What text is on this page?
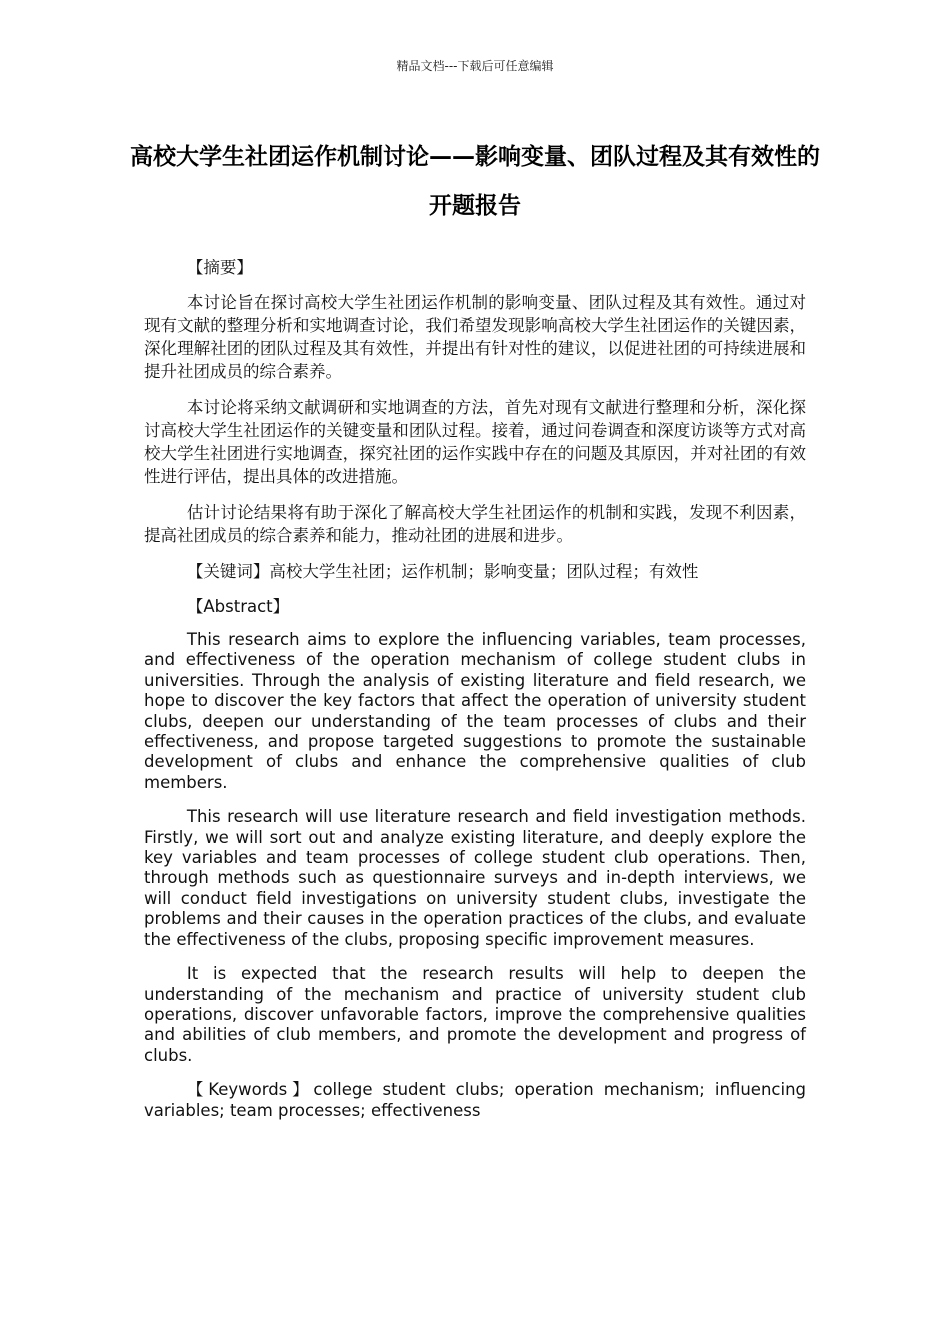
精品文档---下载后可任意编辑
高校大学生社团运作机制讨论——影响变量、团队过程及其有效性的开题报告

【摘要】

本讨论旨在探讨高校大学生社团运作机制的影响变量、团队过程及其有效性。通过对现有文献的整理分析和实地调查讨论，我们希望发现影响高校大学生社团运作的关键因素，深化理解社团的团队过程及其有效性，并提出有针对性的建议，以促进社团的可持续进展和提升社团成员的综合素养。

本讨论将采纳文献调研和实地调查的方法，首先对现有文献进行整理和分析，深化探讨高校大学生社团运作的关键变量和团队过程。接着，通过问卷调查和深度访谈等方式对高校大学生社团进行实地调查，探究社团的运作实践中存在的问题及其原因，并对社团的有效性进行评估，提出具体的改进措施。

估计讨论结果将有助于深化了解高校大学生社团运作的机制和实践，发现不利因素，提高社团成员的综合素养和能力，推动社团的进展和进步。

【关键词】高校大学生社团；运作机制；影响变量；团队过程；有效性

【Abstract】

This research aims to explore the influencing variables, team processes, and effectiveness of the operation mechanism of college student clubs in universities. Through the analysis of existing literature and field research, we hope to discover the key factors that affect the operation of university student clubs, deepen our understanding of the team processes of clubs and their effectiveness, and propose targeted suggestions to promote the sustainable development of clubs and enhance the comprehensive qualities of club members.

This research will use literature research and field investigation methods. Firstly, we will sort out and analyze existing literature, and deeply explore the key variables and team processes of college student club operations. Then, through methods such as questionnaire surveys and in-depth interviews, we will conduct field investigations on university student clubs, investigate the problems and their causes in the operation practices of the clubs, and evaluate the effectiveness of the clubs, proposing specific improvement measures.

It is expected that the research results will help to deepen the understanding of the mechanism and practice of university student club operations, discover unfavorable factors, improve the comprehensive qualities and abilities of club members, and promote the development and progress of clubs.

【Keywords】college student clubs; operation mechanism; influencing variables; team processes; effectiveness
